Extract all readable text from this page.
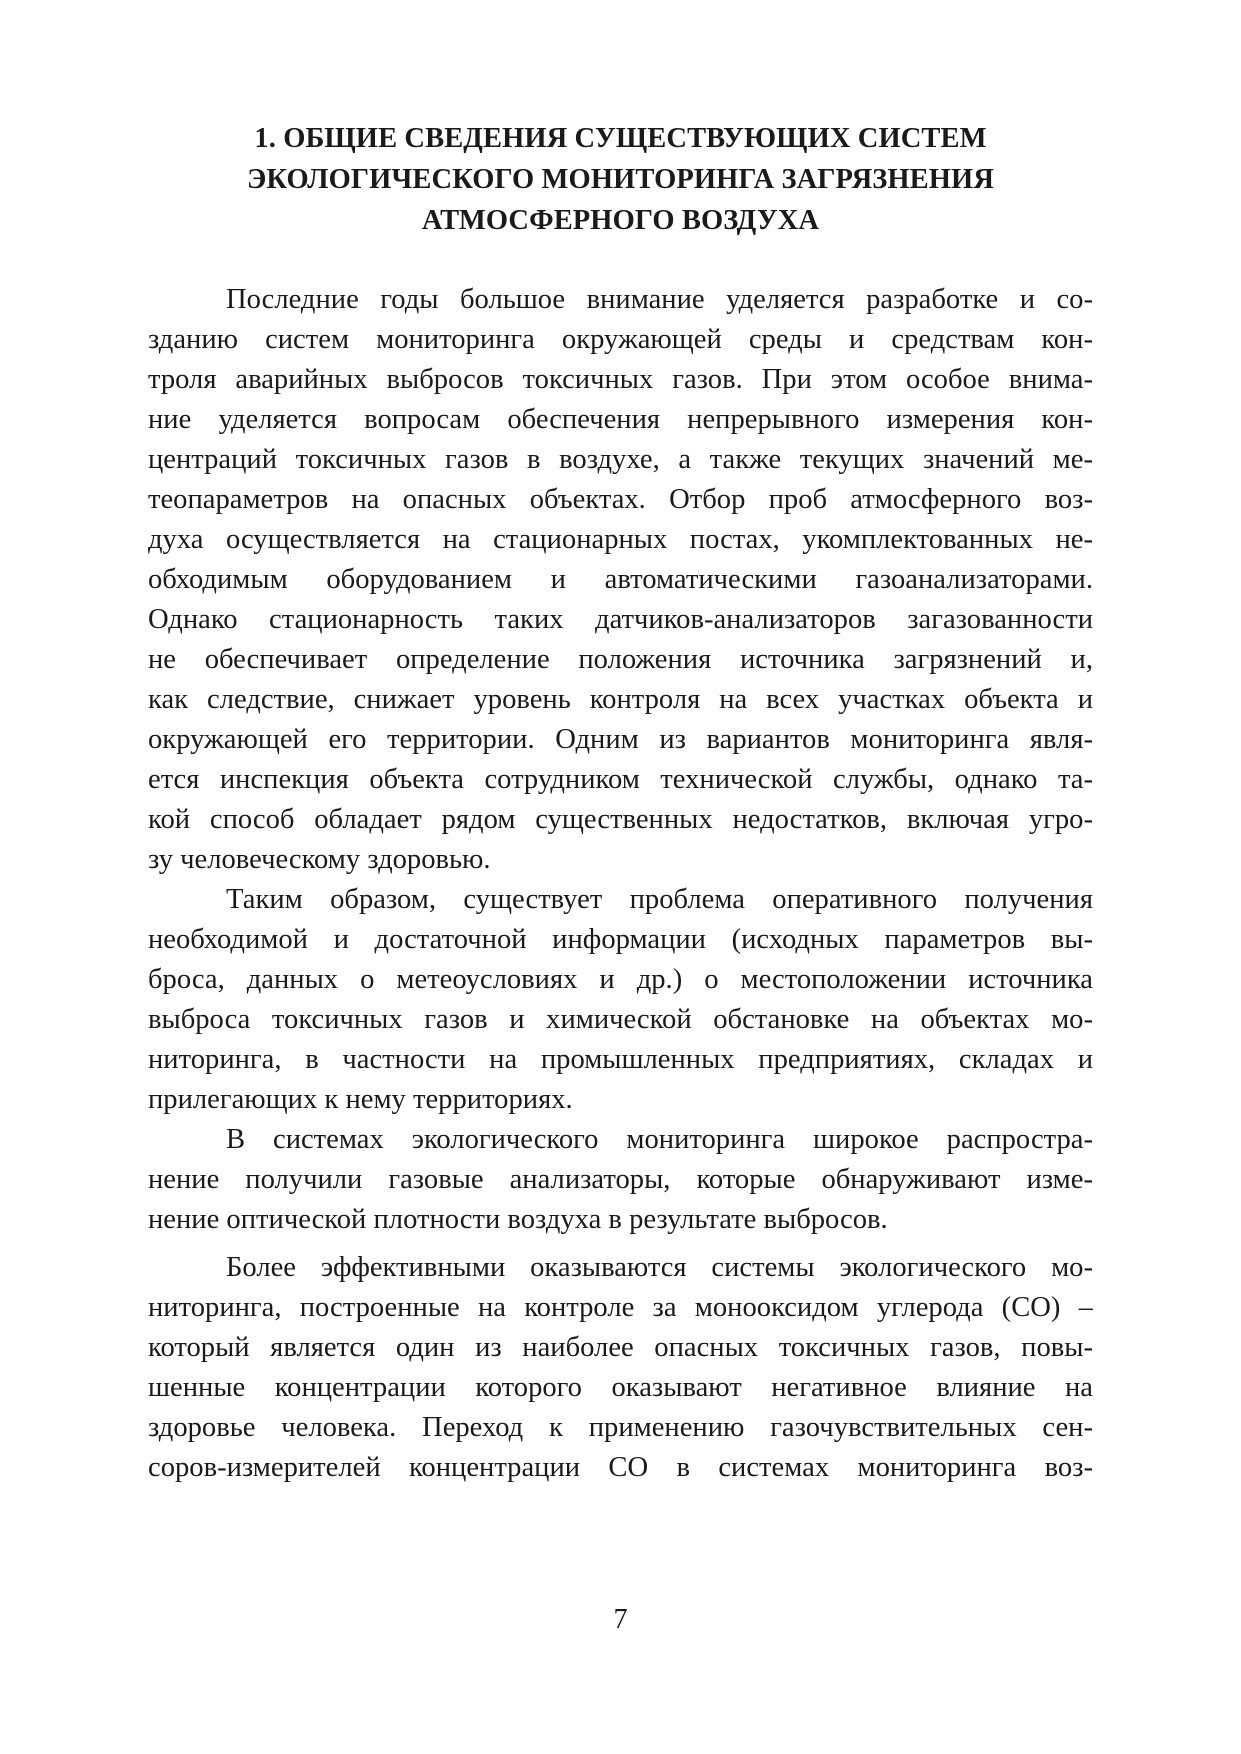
1. ОБЩИЕ СВЕДЕНИЯ СУЩЕСТВУЮЩИХ СИСТЕМ
ЭКОЛОГИЧЕСКОГО МОНИТОРИНГА ЗАГРЯЗНЕНИЯ
АТМОСФЕРНОГО ВОЗДУХА

Последние годы большое внимание уделяется разработке и со-
зданию систем мониторинга окружающей среды и средствам кон-
троля аварийных выбросов токсичных газов. При этом особое внима-
ние уделяется вопросам обеспечения непрерывного измерения кон-
центраций токсичных газов в воздухе, а также текущих значений ме-
теопараметров на опасных объектах. Отбор проб атмосферного воз-
духа осуществляется на стационарных постах, укомплектованных не-
обходимым оборудованием и автоматическими газоанализаторами.
Однако стационарность таких датчиков-анализаторов загазованности
не обеспечивает определение положения источника загрязнений и,
как следствие, снижает уровень контроля на всех участках объекта и
окружающей его территории. Одним из вариантов мониторинга явля-
ется инспекция объекта сотрудником технической службы, однако та-
кой способ обладает рядом существенных недостатков, включая угро-
зу человеческому здоровью.

Таким образом, существует проблема оперативного получения
необходимой и достаточной информации (исходных параметров вы-
броса, данных о метеоусловиях и др.) о местоположении источника
выброса токсичных газов и химической обстановке на объектах мо-
ниторинга, в частности на промышленных предприятиях, складах и
прилегающих к нему территориях.

В системах экологического мониторинга широкое распростра-
нение получили газовые анализаторы, которые обнаруживают изме-
нение оптической плотности воздуха в результате выбросов.

Более эффективными оказываются системы экологического мо-
ниторинга, построенные на контроле за монооксидом углерода (СО) –
который является один из наиболее опасных токсичных газов, повы-
шенные концентрации которого оказывают негативное влияние на
здоровье человека. Переход к применению газочувствительных сен-
соров-измерителей концентрации СО в системах мониторинга воз-

7
